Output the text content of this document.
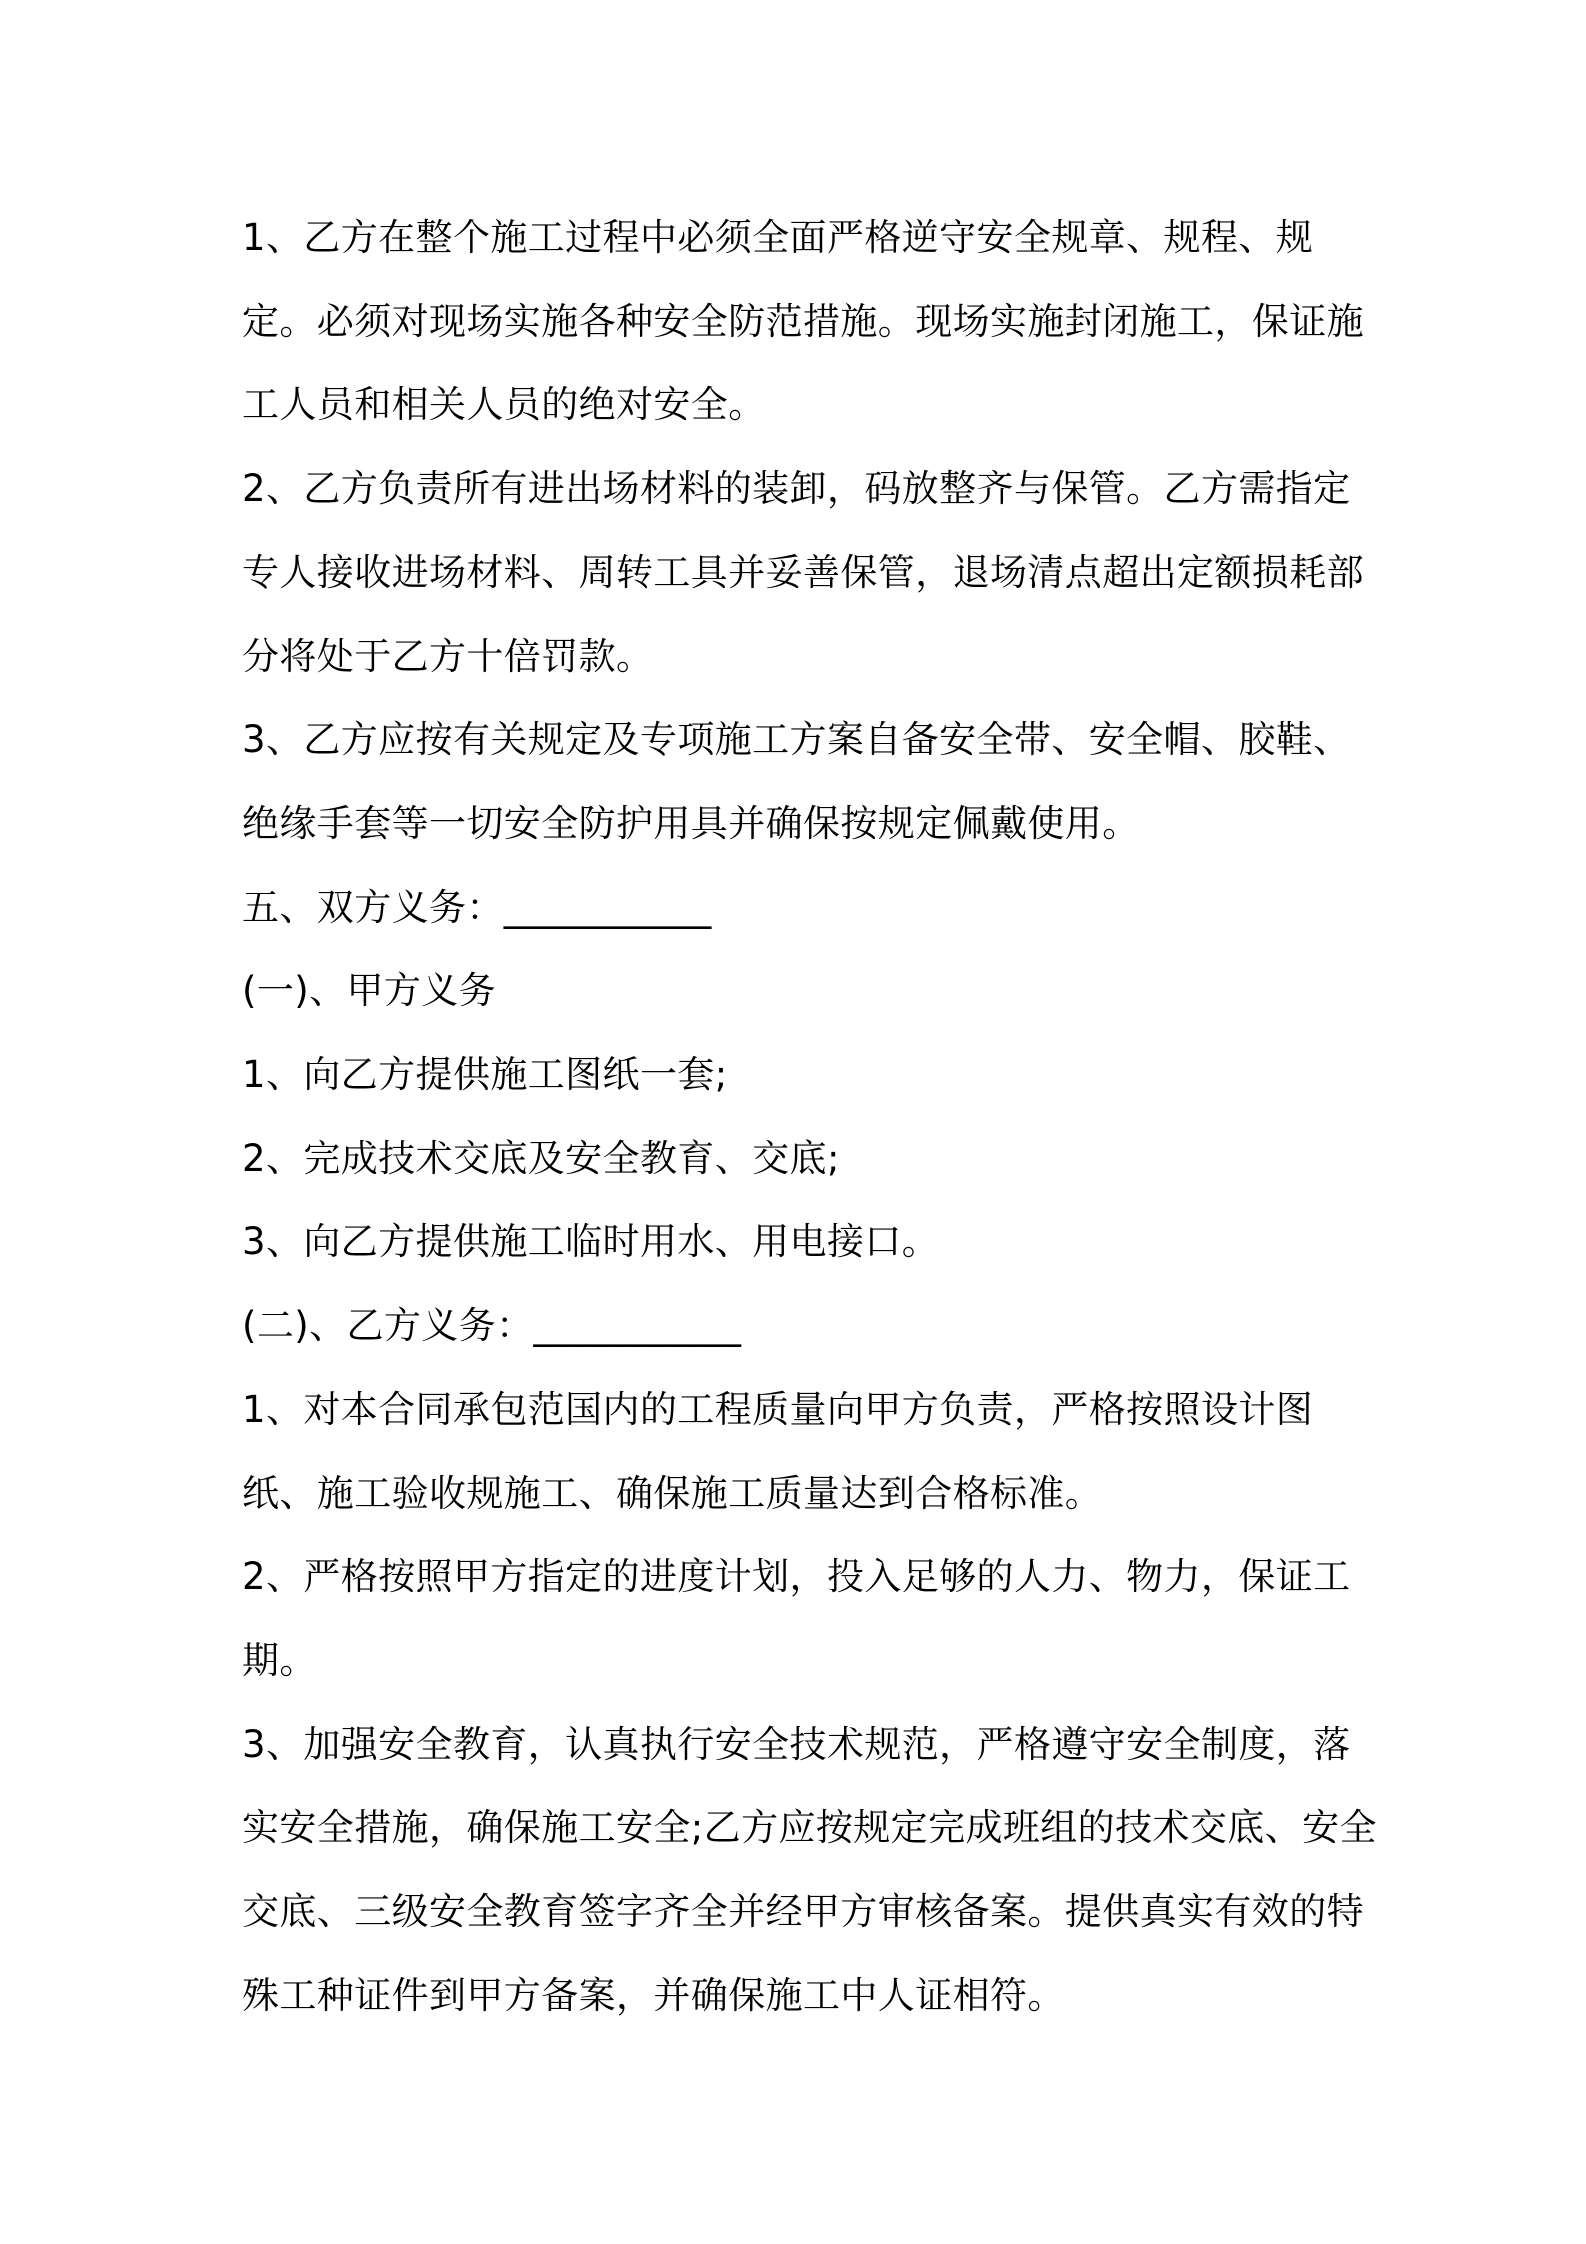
1、乙方在整个施工过程中必须全面严格逆守安全规章、规程、规定。必须对现场实施各种安全防范措施。现场实施封闭施工，保证施工人员和相关人员的绝对安全。

2、乙方负责所有进出场材料的装卸，码放整齐与保管。乙方需指定专人接收进场材料、周转工具并妥善保管，退场清点超出定额损耗部分将处于乙方十倍罚款。

3、乙方应按有关规定及专项施工方案自备安全带、安全帽、胶鞋、绝缘手套等一切安全防护用具并确保按规定佩戴使用。

五、双方义务：___________

(一)、甲方义务

1、向乙方提供施工图纸一套;

2、完成技术交底及安全教育、交底;

3、向乙方提供施工临时用水、用电接口。

(二)、乙方义务：___________

1、对本合同承包范国内的工程质量向甲方负责，严格按照设计图纸、施工验收规施工、确保施工质量达到合格标准。

2、严格按照甲方指定的进度计划，投入足够的人力、物力，保证工期。

3、加强安全教育，认真执行安全技术规范，严格遵守安全制度，落实安全措施，确保施工安全;乙方应按规定完成班组的技术交底、安全交底、三级安全教育签字齐全并经甲方审核备案。提供真实有效的特殊工种证件到甲方备案，并确保施工中人证相符。
